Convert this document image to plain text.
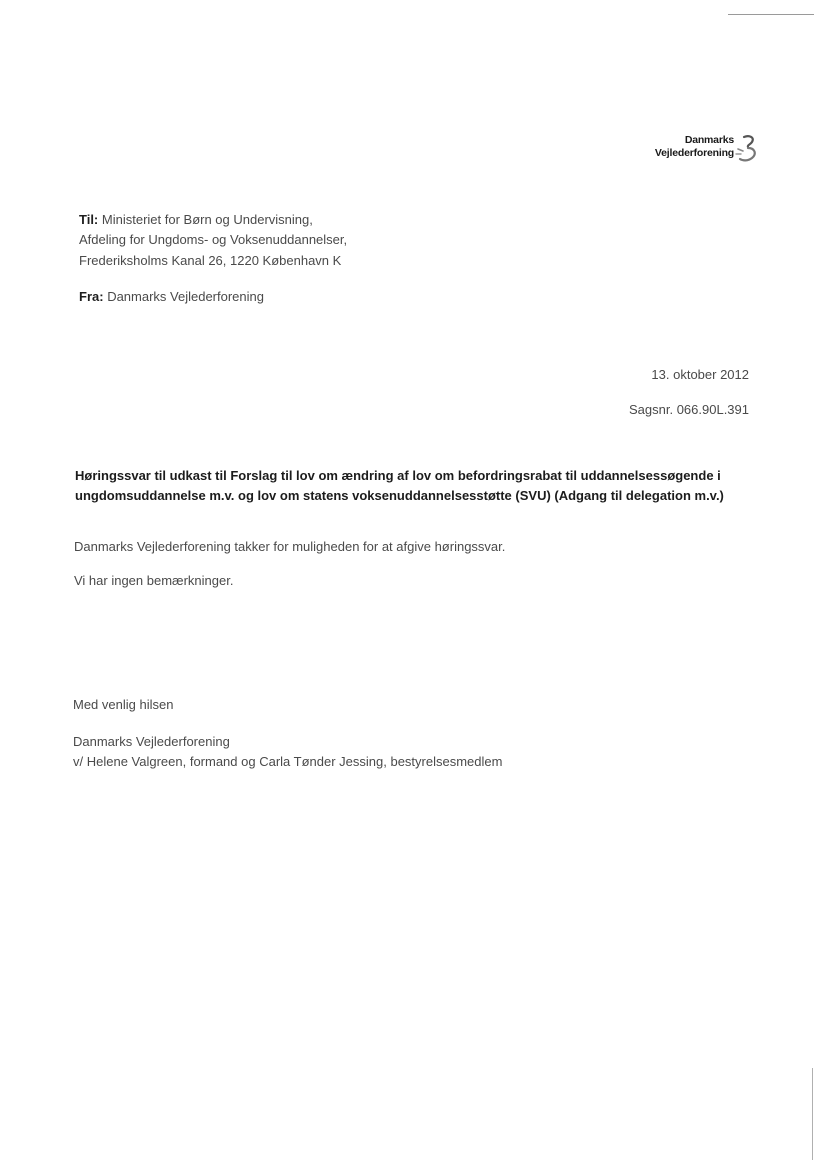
Danmarks
Vejlederforening
Til: Ministeriet for Børn og Undervisning,
Afdeling for Ungdoms- og Voksenuddannelser,
Frederiksholms Kanal 26, 1220 København K
Fra: Danmarks Vejlederforening
13. oktober 2012
Sagsnr. 066.90L.391
Høringssvar til udkast til Forslag til lov om ændring af lov om befordringsrabat til uddannelsessøgende i
ungdomsuddannelse m.v. og lov om statens voksenuddannelsesstøtte (SVU) (Adgang til delegation m.v.)
Danmarks Vejlederforening takker for muligheden for at afgive høringssvar.
Vi har ingen bemærkninger.
Med venlig hilsen
Danmarks Vejlederforening
v/ Helene Valgreen, formand og Carla Tønder Jessing, bestyrelsesmedlem
